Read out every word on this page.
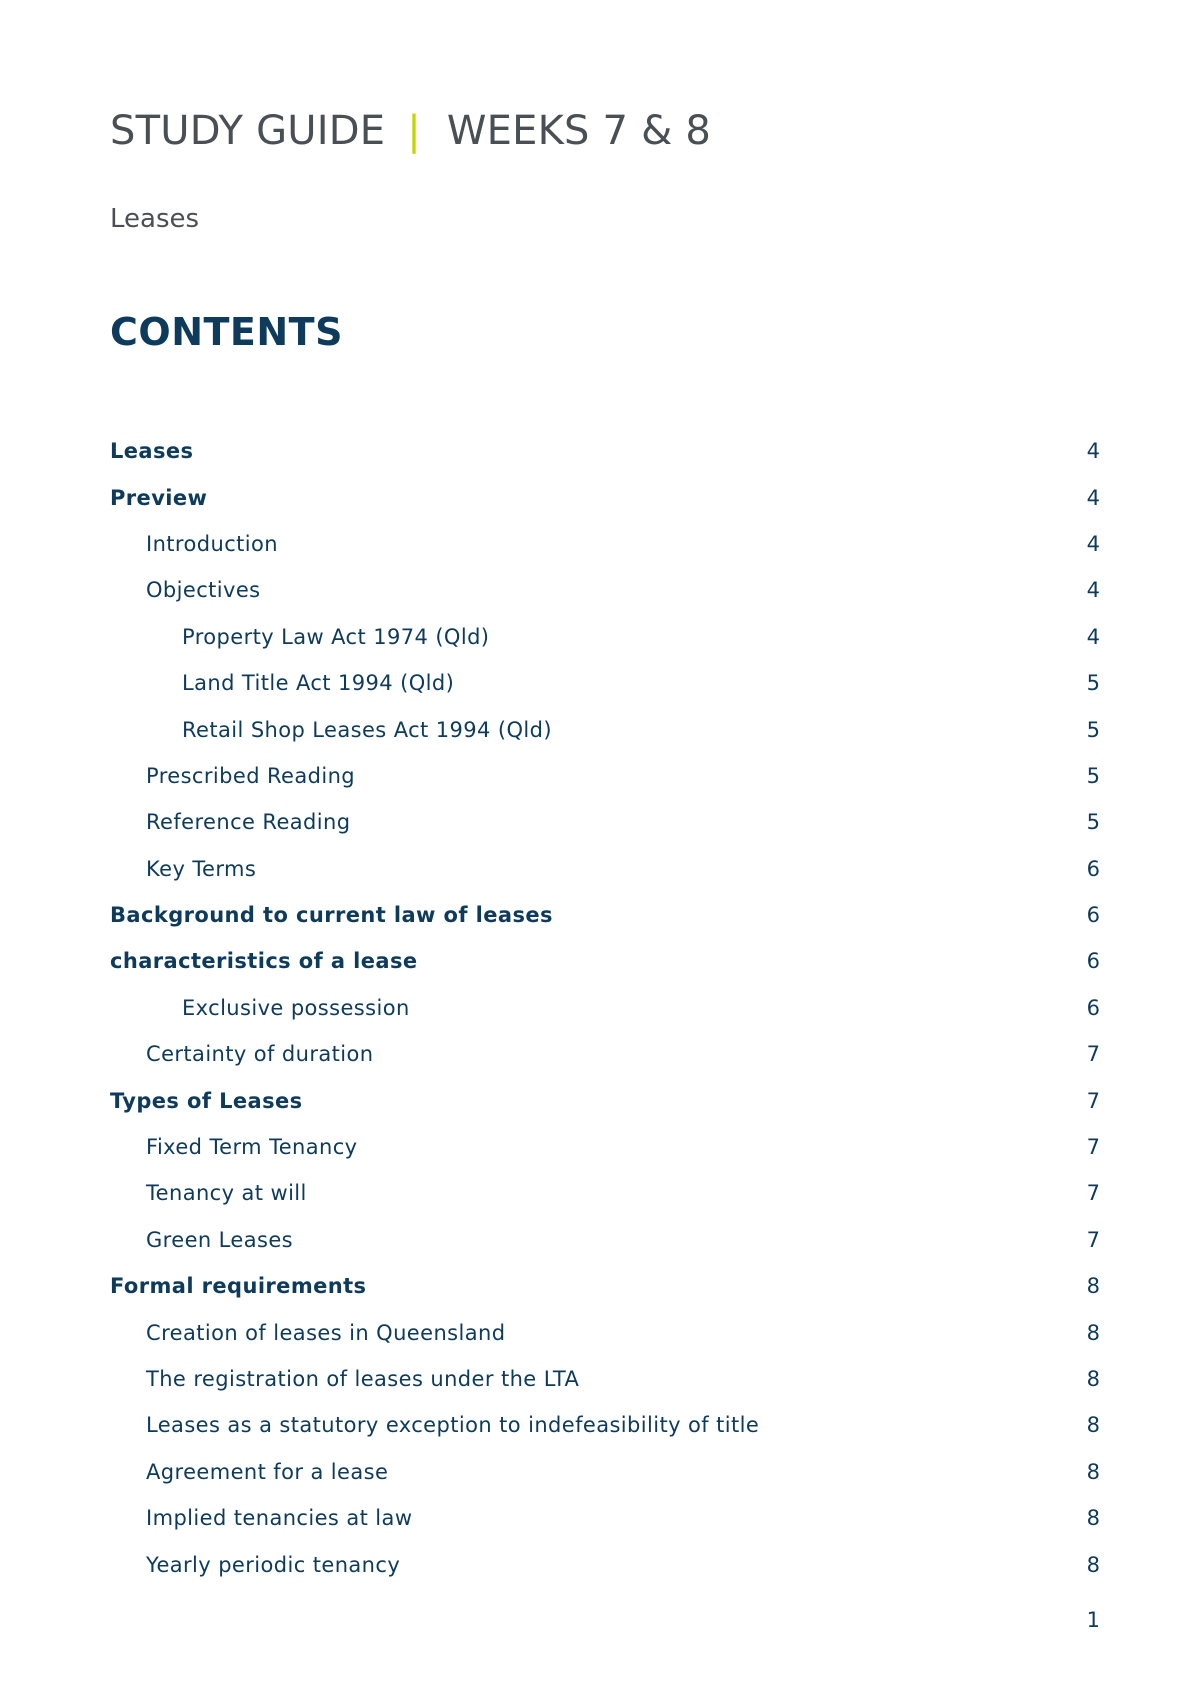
STUDY GUIDE | WEEKS 7 & 8
Leases
CONTENTS
Leases	4
Preview	4
Introduction	4
Objectives	4
Property Law Act 1974 (Qld)	4
Land Title Act 1994 (Qld)	5
Retail Shop Leases Act 1994 (Qld)	5
Prescribed Reading	5
Reference Reading	5
Key Terms	6
Background to current law of leases	6
characteristics of a lease	6
Exclusive possession	6
Certainty of duration	7
Types of Leases	7
Fixed Term Tenancy	7
Tenancy at will	7
Green Leases	7
Formal requirements	8
Creation of leases in Queensland	8
The registration of leases under the LTA	8
Leases as a statutory exception to indefeasibility of title	8
Agreement for a lease	8
Implied tenancies at law	8
Yearly periodic tenancy	8
1
